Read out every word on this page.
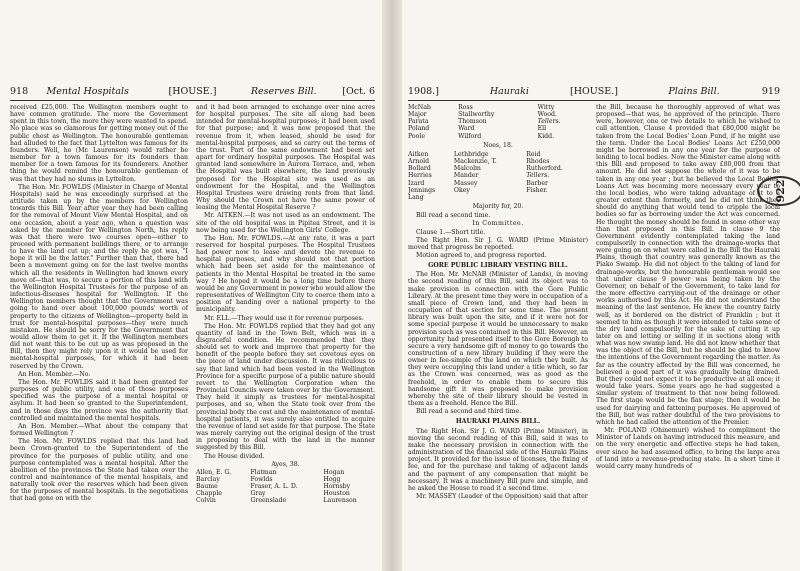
918 Mental Hospitals	[HOUSE.]	Reserves Bill.	[Oct. 6

received £25,000. The Wellington members ought to have common gratitude. The more the Government spent in this town, the more they were wanted to spend. No place was so clamorous for getting money out of the public chest as Wellington. The honourable gentleman had alluded to the fact that Lyttelton was famous for its founders. Well, he (Mr. Laurenson) would rather be member for a town famous for its founders than member for a town famous for its founderers. Another thing he would remind the honourable gentleman of was that they had no slums in Lyttelton.

The Hon. Mr. FOWLDS (Minister in Charge of Mental Hospitals) said he was exceedingly surprised at the attitude taken up by the members for Wellington towards this Bill. Year after year they had been calling for the removal of Mount View Mental Hospital, and on one occasion, about a year ago, when a question was asked by the member for Wellington North, his reply was that there were two courses open—either to proceed with permanent buildings there, or to arrange to have the land cut up; and the reply he got was, "I hope it will be the latter." Further than that, there had been a movement going on for the last twelve months which all the residents in Wellington had known every move of—that was, to secure a portion of this land with the Wellington Hospital Trustees for the purpose of an infectious-diseases hospital for Wellington. If the Wellington members thought that the Government was going to hand over about 100,000 pounds' worth of property to the citizens of Wellington—property held in trust for mental-hospital purposes—they were much mistaken. He should be sorry for the Government that would allow them to get it. If the Wellington members did not want this to be cut up as was proposed in the Bill, then they might rely upon it it would be used for mental-hospital purposes, for which it had been reserved by the Crown.

An Hon. Member.—No.

The Hon. Mr. FOWLDS said it had been granted for purposes of public utility, and one of those purposes specified was the purpose of a mental hospital or asylum. It had been so granted to the Superintendent, and in those days the province was the authority that controlled and maintained the mental hospitals.

An Hon. Member.—What about the company that formed Wellington ?

The Hon. Mr. FOWLDS replied that this land had been Crown-granted to the Superintendent of the province for the purposes of public utility, and one purpose contemplated was a mental hospital. After the abolition of the provinces the State had taken over the control and maintenance of the mental hospitals, and naturally took over the reserves which had been given for the purposes of mental hospitals. In the negotiations that had gone on with the

and it had been arranged to exchange over nine acres for hospital purposes. The site all along had been intended for mental-hospital purposes; it had been used for that purpose; and it was now proposed that the revenue from it, when leased, should be used for mental-hospital purposes, and so carry out the terms of the trust. Part of the same endowment had been set apart for ordinary hospital purposes. The Hospital was granted land somewhere in Aurora Terrace, and, when the Hospital was built elsewhere, the land previously proposed for the Hospital site was used as an endowment for the Hospital, and the Wellington Hospital Trustees were drawing rents from that land. Why should the Crown not have the same power of leasing the Mental Hospital Reserve ?

Mr. AITKEN.—It was not used as an endowment. The site of the old hospital was in Pipitea Street, and it is now being used for the Wellington Girls' College.

The Hon. Mr. FOWLDS.—At any rate, it was a part reserved for hospital purposes. The Hospital Trustees had power now to lease and devote the revenue to hospital purposes, and why should not that portion which had been set aside for the maintenance of patients in the Mental Hospital be treated in the same way ? He hoped it would be a long time before there would be any Government in power who would allow the representatives of Wellington City to coerce them into a position of handing over a national property to the municipality.

Mr. ELL.—They would use it for revenue purposes.

The Hon. Mr. FOWLDS replied that they had got any quantity of land in the Town Belt, which was in a disgraceful condition. He recommended that they should set to work and improve that property for the benefit of the people before they set covetous eyes on the piece of land under discussion. It was ridiculous to say that land which had been vested in the Wellington Province for a specific purpose of a public nature should revert to the Wellington Corporation when the Provincial Councils were taken over by the Government. They held it simply as trustees for mental-hospital purposes, and so, when the State took over from the provincial body the cost and the maintenance of mental-hospital patients, it was surely also entitled to acquire the revenue of land set aside for that purpose. The State was merely carrying out the original design of the trust in proposing to deal with the land in the manner suggested by this Bill.

The House divided.

Ayes, 38.

Allen, E. G.	Flatman	Hogan
Barclay	Fowlds	Hogg
Baume	Fraser, A. L. D.	Hornsby
Chapple	Gray	Houston
Colvin	Greenslade	Laurenson
1908.]	Hauraki	[HOUSE.]	Plains Bill.	919
McNab	Ross	Witty
Major	Stallworthy	Wood.
Parata	Thomson	Tellers.
Poland	Ward	Ell
Poole	Wilford	Kidd.

Noes, 18.

Aitken	Lethbridge	Reid
Arnold	Mackenzie, T.	Rhodes
Bollard	Malcolm	Rutherford.
Herries	Mander	Tellers.
Izard	Massey	Barber
Jennings	Okey	Fisher.
Lang		

Majority for, 20.

Bill read a second time.

In Committee.

Clause 1.—Short title.

The Right Hon. Sir J. G. WARD (Prime Minister) moved that progress be reported.

Motion agreed to, and progress reported.

GORE PUBLIC LIBRARY VESTING BILL.

The Hon. Mr. McNAB (Minister of Lands), in moving the second reading of this Bill, said its object was to make provision in connection with the Gore Public Library. At the present time they were in occupation of a small piece of Crown land, and they had been in occupation of that section for some time. The present library was built upon the site, and if it were not for some special purpose it would be unnecessary to make provision such as was contained in this Bill. However, an opportunity had presented itself to the Gore Borough to secure a very handsome gift of money to go towards the construction of a new library building if they were the owner in fee-simple of the land on which they built. As they were occupying this land under a title which, so far as the Crown was concerned, was as good as the freehold, in order to enable them to secure this handsome gift it was proposed to make provision whereby the site of their library should be vested in them as a freehold. Hence the Bill.

Bill read a second and third time.

HAURAKI PLAINS BILL.

The Right Hon. Sir J. G. WARD (Prime Minister), in moving the second reading of this Bill, said it was to make the necessary provision in connection with the administration of the financial side of the Hauraki Plains project. It provided for the issue of licenses, the fixing of fee, and for the purchase and taking of adjacent lands and the payment of any compensation that might be necessary. It was a machinery Bill pure and simple, and he asked the House to read it a second time.

Mr. MASSEY (Leader of the Opposition) said that after

the Bill, because he thoroughly approved of what was proposed—that was, he approved of the principle. There were, however, one or two details to which he wished to call attention. Clause 4 provided that £80,000 might be taken from the Local Bodies' Loan Fund, if he might use the term. Under the Local Bodies' Loans Act £250,000 might be borrowed in any one year for the purpose of lending to local bodies. Now the Minister came along with this Bill and proposed to take away £80,000 from that amount. He did not suppose the whole of it was to be taken in any one year ; but he believed the Local Bodies' Loans Act was becoming more necessary every year to the local bodies, who were taking advantage of it to a greater extent than formerly, and he did not think they should do anything that would tend to cripple the local bodies so far as borrowing under the Act was concerned. He thought the money should be found in some other way than that proposed in this Bill. In clause 9 the Government evidently contemplated taking the land compulsorily in connection with the drainage-works that were going on on what were called in the Bill the Hauraki Plains, though that country was generally known as the Piako Swamp. He did not object to the taking of land for drainage-works, but the honourable gentleman would see that under clause 9 power was being taken by the Governor, on behalf of the Government, to take land for the more effective carrying-out of the drainage or other works authorised by this Act. He did not understand the meaning of the last sentence. He knew the country fairly well, as it bordered on the district of Franklin ; but it seemed to him as though it were intended to take some of the dry land compulsorily for the sake of cutting it up later on and letting or selling it in sections along with what was now swamp land. He did not know whether that was the object of the Bill, but he should be glad to know the intentions of the Government regarding the matter. As far as the country affected by the Bill was concerned, he believed a good part of it was gradually being drained. But they could not expect it to be productive at all once; it would take years. Some years ago he had suggested a similar system of treatment to that now being followed. The first stage would be the flax stage; then it would be used for dairying and fattening purposes. He approved of the Bill, but was rather doubtful of the two provisions to which he had called the attention of the Premier.

Mr. POLAND (Ohinemuri) wished to compliment the Minister of Lands on having introduced this measure, and on the very energetic and effective steps he had taken, ever since he had assumed office, to bring the large area of land into a revenue-producing state. In a short time it would carry many hundreds of

922
